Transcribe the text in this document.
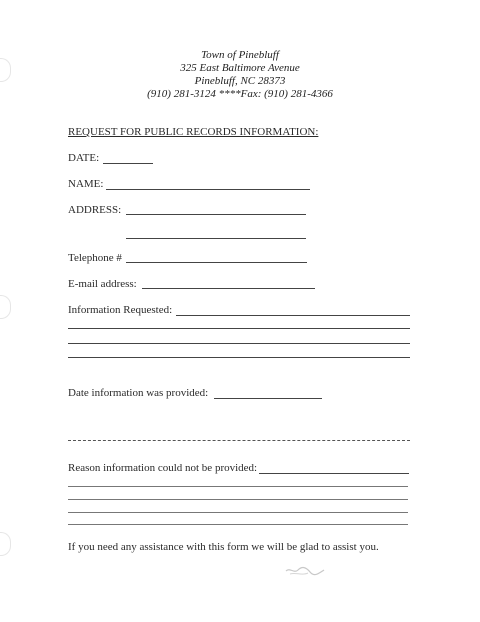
Town of Pinebluff
325 East Baltimore Avenue
Pinebluff, NC 28373
(910) 281-3124 ****Fax: (910) 281-4366
REQUEST FOR PUBLIC RECORDS INFORMATION:
DATE:
NAME:
ADDRESS:
Telephone #
E-mail address:
Information Requested:
Date information was provided:
Reason information could not be provided:
If you need any assistance with this form we will be glad to assist you.
